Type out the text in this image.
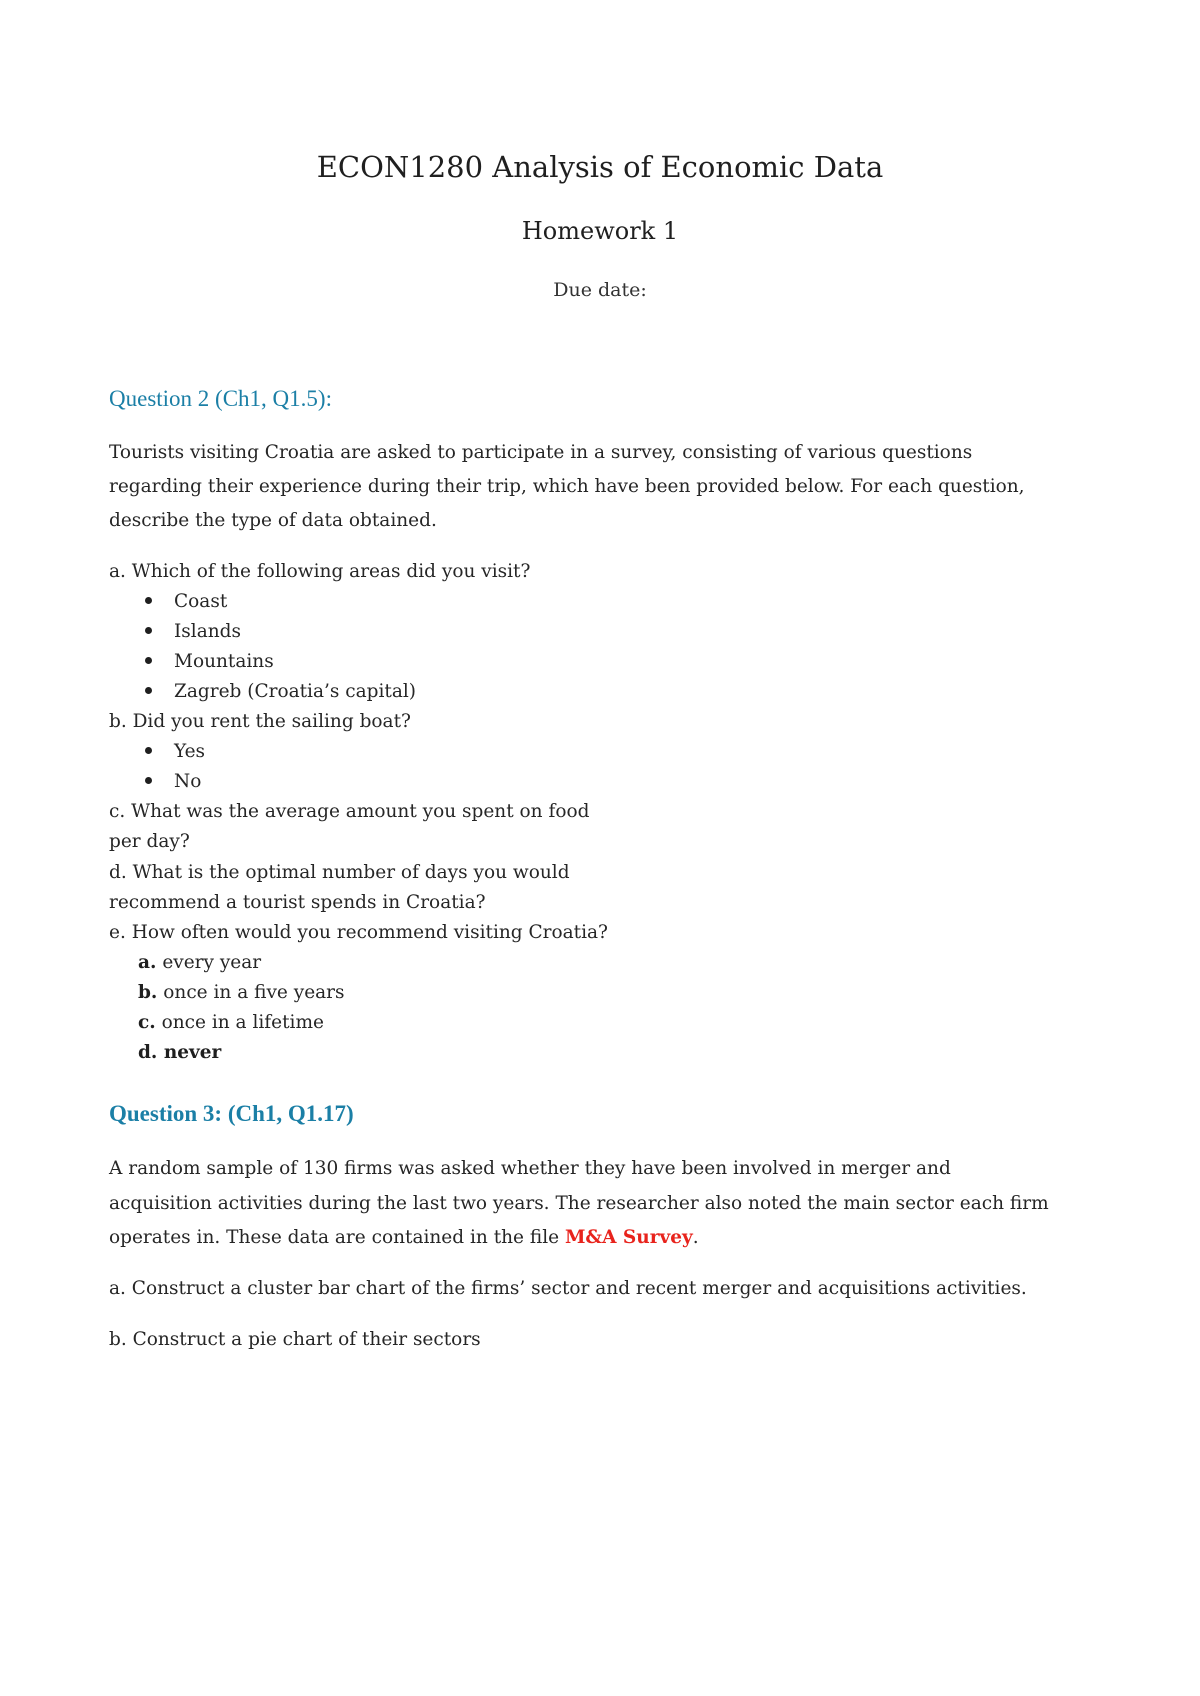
ECON1280 Analysis of Economic Data
Homework 1
Due date:
Question 2 (Ch1, Q1.5):
Tourists visiting Croatia are asked to participate in a survey, consisting of various questions
regarding their experience during their trip, which have been provided below. For each question,
describe the type of data obtained.
a. Which of the following areas did you visit?
Coast
Islands
Mountains
Zagreb (Croatia’s capital)
b. Did you rent the sailing boat?
Yes
No
c. What was the average amount you spent on food
per day?
d. What is the optimal number of days you would
recommend a tourist spends in Croatia?
e. How often would you recommend visiting Croatia?
a. every year
b. once in a five years
c. once in a lifetime
d. never
Question 3: (Ch1, Q1.17)
A random sample of 130 firms was asked whether they have been involved in merger and
acquisition activities during the last two years. The researcher also noted the main sector each firm
operates in. These data are contained in the file M&A Survey.
a. Construct a cluster bar chart of the firms’ sector and recent merger and acquisitions activities.
b. Construct a pie chart of their sectors
